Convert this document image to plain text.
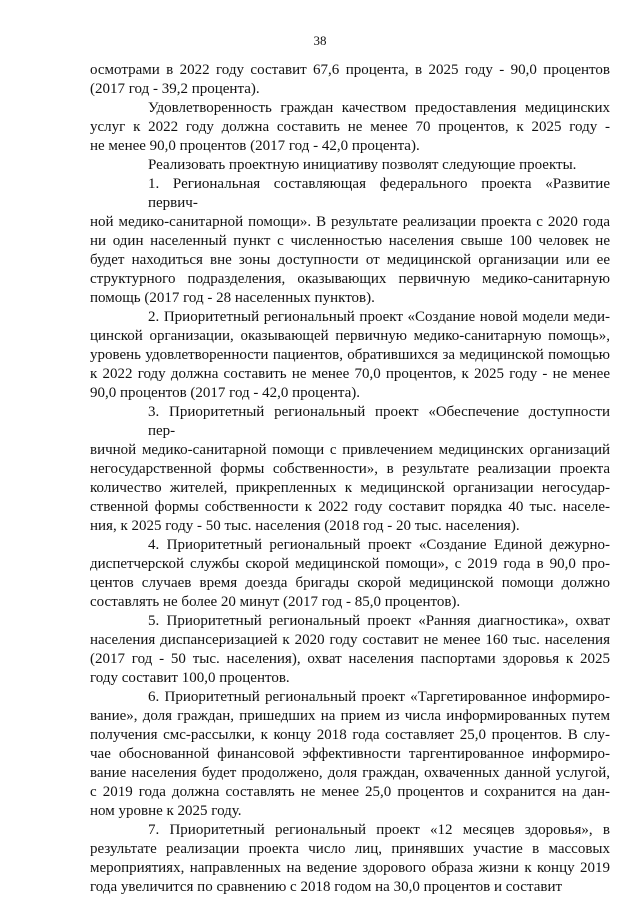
38
осмотрами в 2022 году составит 67,6 процента, в 2025 году - 90,0 процентов
(2017 год - 39,2 процента).
Удовлетворенность граждан качеством предоставления медицинских
услуг к 2022 году должна составить не менее 70 процентов, к 2025 году -
не менее 90,0 процентов (2017 год - 42,0 процента).
Реализовать проектную инициативу позволят следующие проекты.
1. Региональная составляющая федерального проекта «Развитие первич-
ной медико-санитарной помощи». В результате реализации проекта с 2020 года
ни один населенный пункт с численностью населения свыше 100 человек не
будет находиться вне зоны доступности от медицинской организации или ее
структурного подразделения, оказывающих первичную медико-санитарную
помощь (2017 год - 28 населенных пунктов).
2. Приоритетный региональный проект «Создание новой модели меди-
цинской организации, оказывающей первичную медико-санитарную помощь»,
уровень удовлетворенности пациентов, обратившихся за медицинской помощью
к 2022 году должна составить не менее 70,0 процентов, к 2025 году - не менее
90,0 процентов (2017 год - 42,0 процента).
3. Приоритетный региональный проект «Обеспечение доступности пер-
вичной медико-санитарной помощи с привлечением медицинских организаций
негосударственной формы собственности», в результате реализации проекта
количество жителей, прикрепленных к медицинской организации негосудар-
ственной формы собственности к 2022 году составит порядка 40 тыс. населе-
ния, к 2025 году - 50 тыс. населения (2018 год - 20 тыс. населения).
4. Приоритетный региональный проект «Создание Единой дежурно-
диспетчерской службы скорой медицинской помощи», с 2019 года в 90,0 про-
центов случаев время доезда бригады скорой медицинской помощи должно
составлять не более 20 минут (2017 год - 85,0 процентов).
5. Приоритетный региональный проект «Ранняя диагностика», охват
населения диспансеризацией к 2020 году составит не менее 160 тыс. населения
(2017 год - 50 тыс. населения), охват населения паспортами здоровья к 2025
году составит 100,0 процентов.
6. Приоритетный региональный проект «Таргетированное информиро-
вание», доля граждан, пришедших на прием из числа информированных путем
получения смс-рассылки, к концу 2018 года составляет 25,0 процентов. В слу-
чае обоснованной финансовой эффективности таргентированное информиро-
вание населения будет продолжено, доля граждан, охваченных данной услугой,
с 2019 года должна составлять не менее 25,0 процентов и сохранится на дан-
ном уровне к 2025 году.
7. Приоритетный региональный проект «12 месяцев здоровья», в
результате реализации проекта число лиц, принявших участие в массовых
мероприятиях, направленных на ведение здорового образа жизни к концу 2019
года увеличится по сравнению с 2018 годом на 30,0 процентов и составит
